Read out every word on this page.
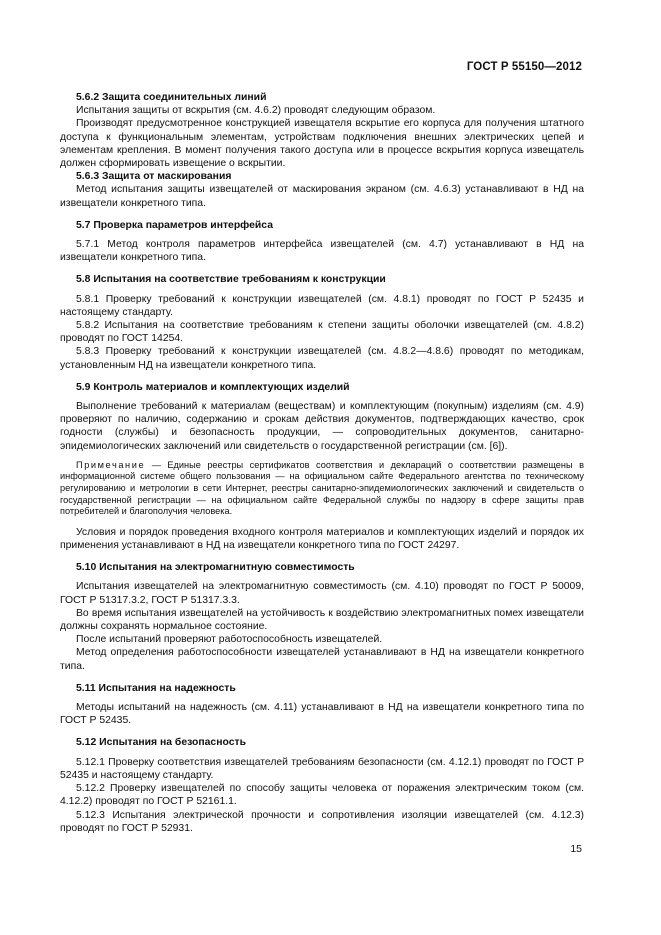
ГОСТ Р 55150—2012

5.6.2 Защита соединительных линий

Испытания защиты от вскрытия (см. 4.6.2) проводят следующим образом.

Производят предусмотренное конструкцией извещателя вскрытие его корпуса для получения штатного доступа к функциональным элементам, устройствам подключения внешних электрических цепей и элементам крепления. В момент получения такого доступа или в процессе вскрытия корпуса извещатель должен сформировать извещение о вскрытии.

5.6.3 Защита от маскирования

Метод испытания защиты извещателей от маскирования экраном (см. 4.6.3) устанавливают в НД на извещатели конкретного типа.

5.7 Проверка параметров интерфейса

5.7.1 Метод контроля параметров интерфейса извещателей (см. 4.7) устанавливают в НД на извещатели конкретного типа.

5.8 Испытания на соответствие требованиям к конструкции

5.8.1 Проверку требований к конструкции извещателей (см. 4.8.1) проводят по ГОСТ Р 52435 и настоящему стандарту.

5.8.2 Испытания на соответствие требованиям к степени защиты оболочки извещателей (см. 4.8.2) проводят по ГОСТ 14254.

5.8.3 Проверку требований к конструкции извещателей (см. 4.8.2—4.8.6) проводят по методикам, установленным НД на извещатели конкретного типа.

5.9 Контроль материалов и комплектующих изделий

Выполнение требований к материалам (веществам) и комплектующим (покупным) изделиям (см. 4.9) проверяют по наличию, содержанию и срокам действия документов, подтверждающих качество, срок годности (службы) и безопасность продукции, — сопроводительных документов, санитарно-эпидемиологических заключений или свидетельств о государственной регистрации (см. [6]).

Примечание — Единые реестры сертификатов соответствия и деклараций о соответствии размещены в информационной системе общего пользования — на официальном сайте Федерального агентства по техническому регулированию и метрологии в сети Интернет, реестры санитарно-эпидемиологических заключений и свидетельств о государственной регистрации — на официальном сайте Федеральной службы по надзору в сфере защиты прав потребителей и благополучия человека.

Условия и порядок проведения входного контроля материалов и комплектующих изделий и порядок их применения устанавливают в НД на извещатели конкретного типа по ГОСТ 24297.

5.10 Испытания на электромагнитную совместимость

Испытания извещателей на электромагнитную совместимость (см. 4.10) проводят по ГОСТ Р 50009, ГОСТ Р 51317.3.2, ГОСТ Р 51317.3.3.

Во время испытания извещателей на устойчивость к воздействию электромагнитных помех извещатели должны сохранять нормальное состояние.

После испытаний проверяют работоспособность извещателей.

Метод определения работоспособности извещателей устанавливают в НД на извещатели конкретного типа.

5.11 Испытания на надежность

Методы испытаний на надежность (см. 4.11) устанавливают в НД на извещатели конкретного типа по ГОСТ Р 52435.

5.12 Испытания на безопасность

5.12.1 Проверку соответствия извещателей требованиям безопасности (см. 4.12.1) проводят по ГОСТ Р 52435 и настоящему стандарту.

5.12.2 Проверку извещателей по способу защиты человека от поражения электрическим током (см. 4.12.2) проводят по ГОСТ Р 52161.1.

5.12.3 Испытания электрической прочности и сопротивления изоляции извещателей (см. 4.12.3) проводят по ГОСТ Р 52931.

15
